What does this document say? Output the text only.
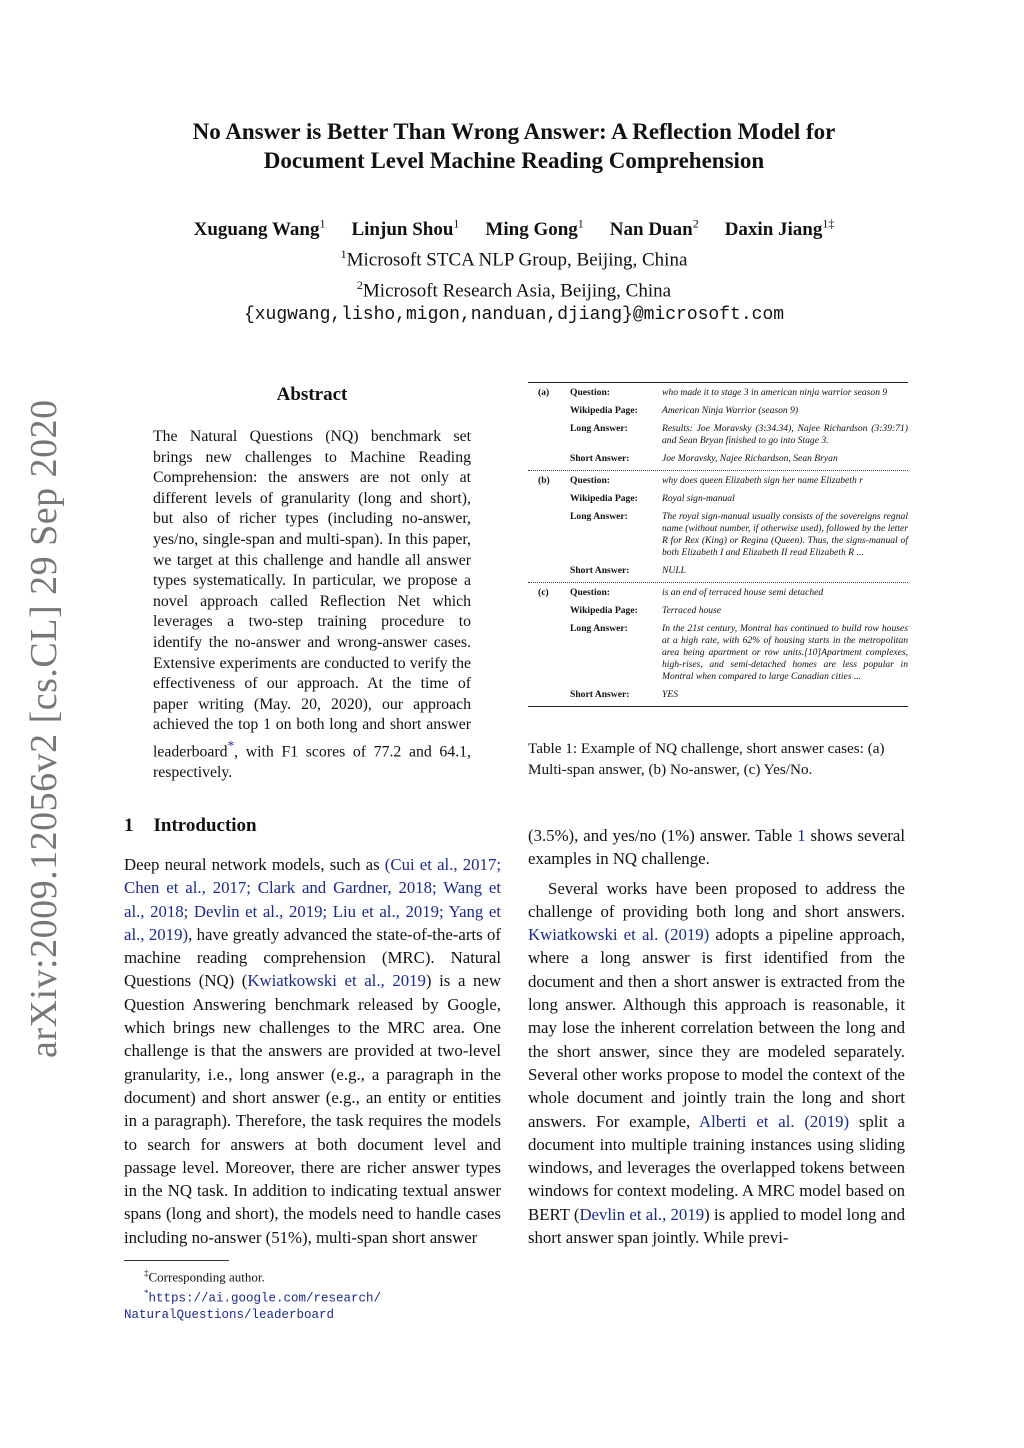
arXiv:2009.12056v2 [cs.CL] 29 Sep 2020
No Answer is Better Than Wrong Answer: A Reflection Model for
Document Level Machine Reading Comprehension
Xuguang Wang$^1$ Linjun Shou$^1$ Ming Gong$^1$ Nan Duan$^2$ Daxin Jiang$^{1\ddagger}$
$^1$Microsoft STCA NLP Group, Beijing, China
$^2$Microsoft Research Asia, Beijing, China
{xugwang,lisho,migon,nanduan,djiang}@microsoft.com
Abstract
The Natural Questions (NQ) benchmark set brings new challenges to Machine Reading Comprehension: the answers are not only at different levels of granularity (long and short), but also of richer types (including no-answer, yes/no, single-span and multi-span). In this paper, we target at this challenge and handle all answer types systematically. In particular, we propose a novel approach called Reflection Net which leverages a two-step training procedure to identify the no-answer and wrong-answer cases. Extensive experiments are conducted to verify the effectiveness of our approach. At the time of paper writing (May. 20, 2020), our approach achieved the top 1 on both long and short answer leaderboard*, with F1 scores of 77.2 and 64.1, respectively.
1 Introduction

Deep neural network models, such as (Cui et al., 2017; Chen et al., 2017; Clark and Gardner, 2018; Wang et al., 2018; Devlin et al., 2019; Liu et al., 2019; Yang et al., 2019), have greatly advanced the state-of-the-arts of machine reading comprehension (MRC). Natural Questions (NQ) (Kwiatkowski et al., 2019) is a new Question Answering benchmark released by Google, which brings new challenges to the MRC area. One challenge is that the answers are provided at two-level granularity, i.e., long answer (e.g., a paragraph in the document) and short answer (e.g., an entity or entities in a paragraph). Therefore, the task requires the models to search for answers at both document level and passage level. Moreover, there are richer answer types in the NQ task. In addition to indicating textual answer spans (long and short), the models need to handle cases including no-answer (51%), multi-span short answer

(3.5%), and yes/no (1%) answer. Table 1 shows several examples in NQ challenge.

Several works have been proposed to address the challenge of providing both long and short answers. Kwiatkowski et al. (2019) adopts a pipeline approach, where a long answer is first identified from the document and then a short answer is extracted from the long answer. Although this approach is reasonable, it may lose the inherent correlation between the long and the short answer, since they are modeled separately. Several other works propose to model the context of the whole document and jointly train the long and short answers. For example, Alberti et al. (2019) split a document into multiple training instances using sliding windows, and leverages the overlapped tokens between windows for context modeling. A MRC model based on BERT (Devlin et al., 2019) is applied to model long and short answer span jointly. While previ-

‡Corresponding author.
*https://ai.google.com/research/
NaturalQuestions/leaderboard
(a) Question:	who made it to stage 3 in american ninja warrior season 9
Wikipedia Page:	American Ninja Warrior (season 9)
Long Answer:	Results: Joe Moravsky (3:34.34), Najee Richardson (3:39:71) and Sean Bryan finished to go into Stage 3.
Short Answer:	Joe Moravsky, Najee Richardson, Sean Bryan
(b) Question:	why does queen Elizabeth sign her name Elizabeth r
Wikipedia Page:	Royal sign-manual
Long Answer:	The royal sign-manual usually consists of the sovereigns regnal name (without number, if otherwise used), followed by the letter R for Rex (King) or Regina (Queen). Thus, the signs-manual of both Elizabeth I and Elizabeth II read Elizabeth R ...
Short Answer:	NULL
(c) Question:	is an end of terraced house semi detached
Wikipedia Page:	Terraced house
Long Answer:	In the 21st century, Montral has continued to build row houses at a high rate, with 62% of housing starts in the metropolitan area being apartment or row units.[10]Apartment complexes, high-rises, and semi-detached homes are less popular in Montral when compared to large Canadian cities ...
Short Answer:	YES
Table 1: Example of NQ challenge, short answer cases: (a) Multi-span answer, (b) No-answer, (c) Yes/No.
